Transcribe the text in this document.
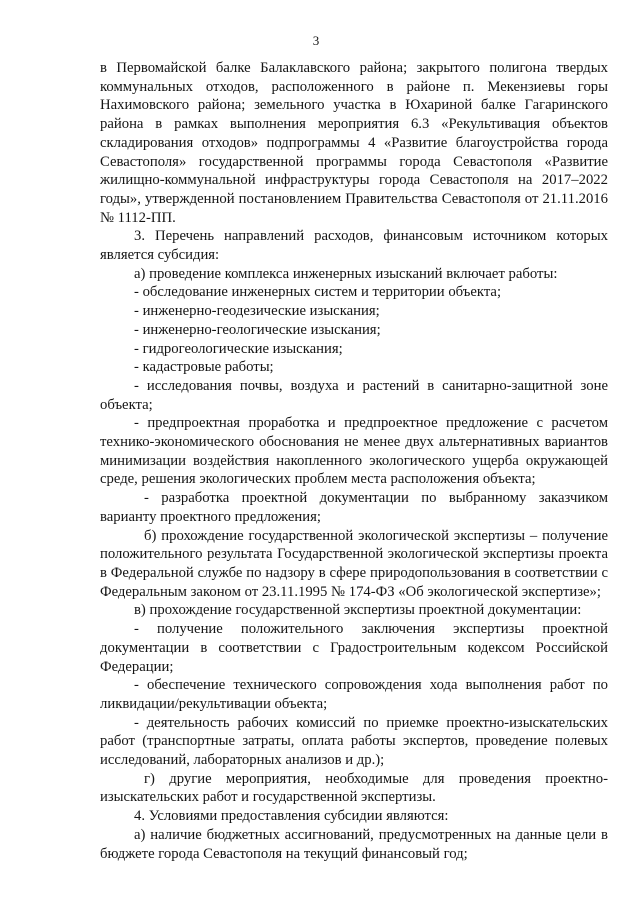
3

в Первомайской балке Балаклавского района; закрытого полигона твердых коммунальных отходов, расположенного в районе п. Мекензиевы горы Нахимовского района; земельного участка в Юхариной балке Гагаринского района в рамках выполнения мероприятия 6.3 «Рекультивация объектов складирования отходов» подпрограммы 4 «Развитие благоустройства города Севастополя» государственной программы города Севастополя «Развитие жилищно-коммунальной инфраструктуры города Севастополя на 2017–2022 годы», утвержденной постановлением Правительства Севастополя от 21.11.2016 № 1112-ПП.

3. Перечень направлений расходов, финансовым источником которых является субсидия:

а) проведение комплекса инженерных изысканий включает работы:

- обследование инженерных систем и территории объекта;

- инженерно-геодезические изыскания;

- инженерно-геологические изыскания;

- гидрогеологические изыскания;

- кадастровые работы;

- исследования почвы, воздуха и растений в санитарно-защитной зоне объекта;

- предпроектная проработка и предпроектное предложение с расчетом технико-экономического обоснования не менее двух альтернативных вариантов минимизации воздействия накопленного экологического ущерба окружающей среде, решения экологических проблем места расположения объекта;

- разработка проектной документации по выбранному заказчиком варианту проектного предложения;

б) прохождение государственной экологической экспертизы – получение положительного результата Государственной экологической экспертизы проекта в Федеральной службе по надзору в сфере природопользования в соответствии с Федеральным законом от 23.11.1995 № 174-ФЗ «Об экологической экспертизе»;

в) прохождение государственной экспертизы проектной документации:

- получение положительного заключения экспертизы проектной документации в соответствии с Градостроительным кодексом Российской Федерации;

- обеспечение технического сопровождения хода выполнения работ по ликвидации/рекультивации объекта;

- деятельность рабочих комиссий по приемке проектно-изыскательских работ (транспортные затраты, оплата работы экспертов, проведение полевых исследований, лабораторных анализов и др.);

г) другие мероприятия, необходимые для проведения проектно-изыскательских работ и государственной экспертизы.

4. Условиями предоставления субсидии являются:

а) наличие бюджетных ассигнований, предусмотренных на данные цели в бюджете города Севастополя на текущий финансовый год;
